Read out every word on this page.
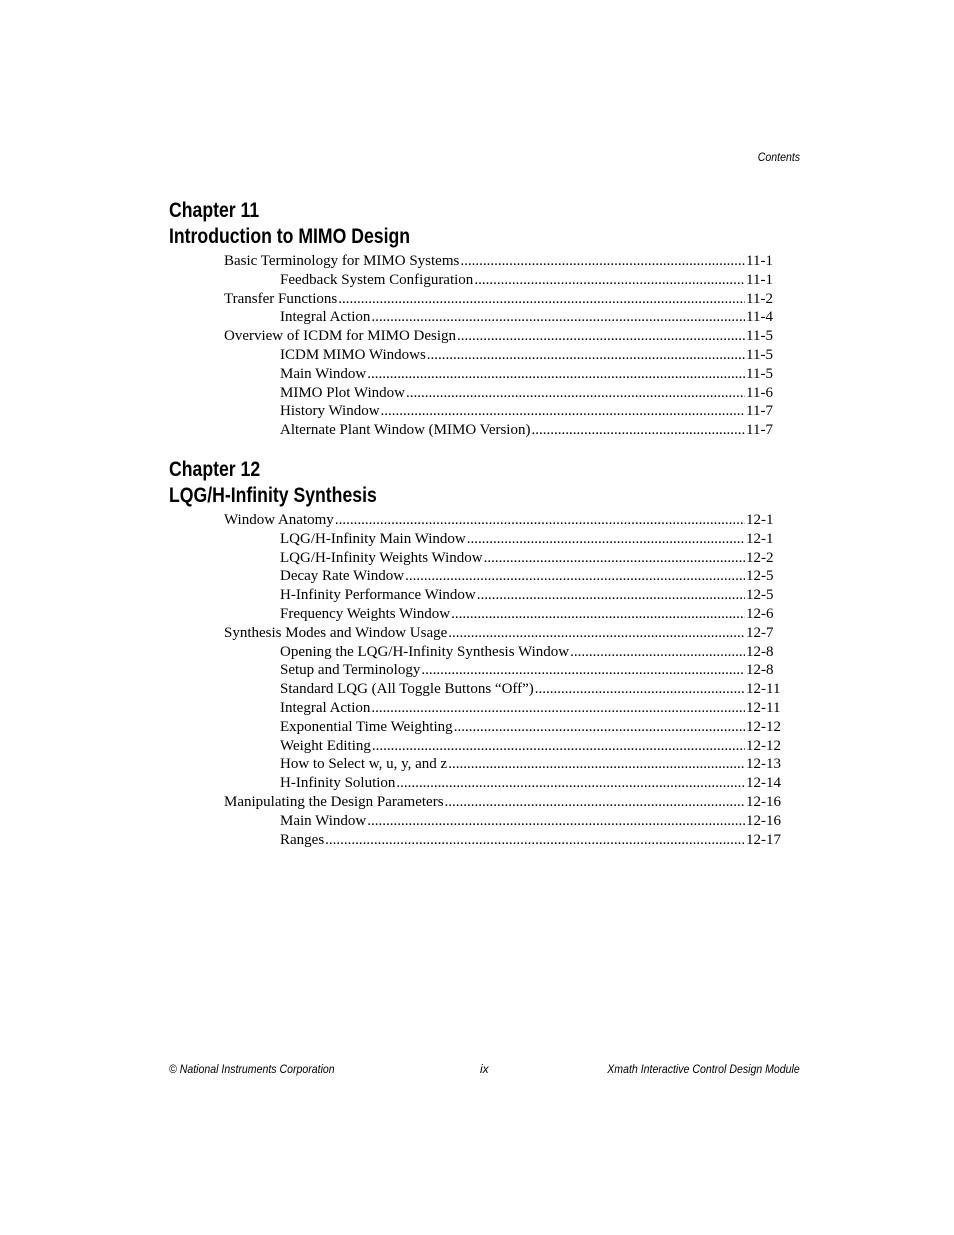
Contents
Chapter 11
Introduction to MIMO Design
Basic Terminology for MIMO Systems .....	11-1
Feedback System Configuration .....	11-1
Transfer Functions .....	11-2
Integral Action .....	11-4
Overview of ICDM for MIMO Design .....	11-5
ICDM MIMO Windows .....	11-5
Main Window .....	11-5
MIMO Plot Window .....	11-6
History Window .....	11-7
Alternate Plant Window (MIMO Version) .....	11-7
Chapter 12
LQG/H-Infinity Synthesis
Window Anatomy .....	12-1
LQG/H-Infinity Main Window .....	12-1
LQG/H-Infinity Weights Window .....	12-2
Decay Rate Window .....	12-5
H-Infinity Performance Window .....	12-5
Frequency Weights Window .....	12-6
Synthesis Modes and Window Usage .....	12-7
Opening the LQG/H-Infinity Synthesis Window .....	12-8
Setup and Terminology .....	12-8
Standard LQG (All Toggle Buttons “Off”) .....	12-11
Integral Action .....	12-11
Exponential Time Weighting .....	12-12
Weight Editing .....	12-12
How to Select w, u, y, and z .....	12-13
H-Infinity Solution .....	12-14
Manipulating the Design Parameters .....	12-16
Main Window .....	12-16
Ranges .....	12-17
© National Instruments Corporation	ix	Xmath Interactive Control Design Module
